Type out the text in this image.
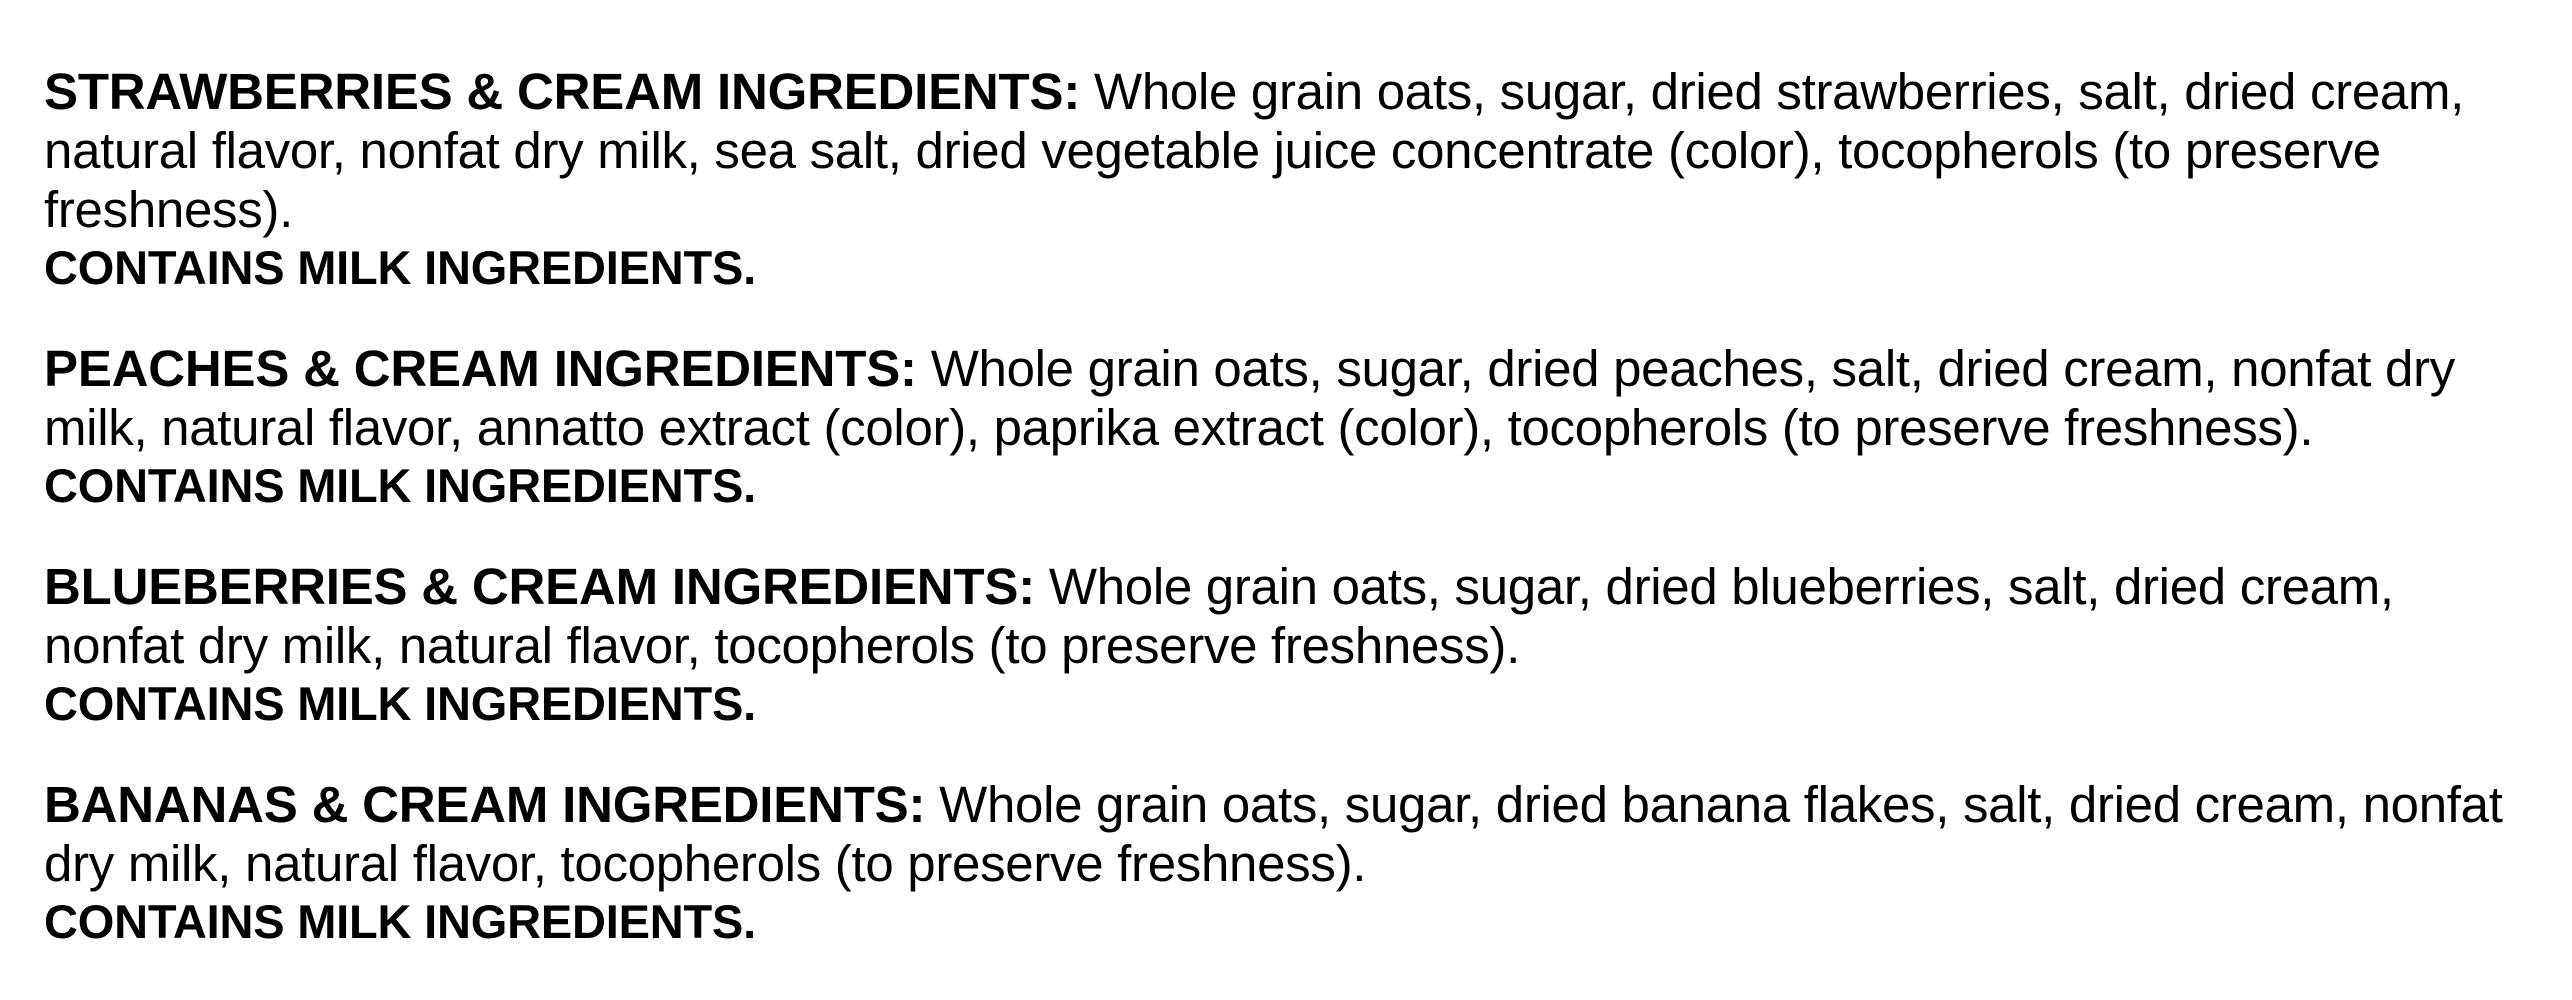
STRAWBERRIES & CREAM INGREDIENTS: Whole grain oats, sugar, dried strawberries, salt, dried cream, natural flavor, nonfat dry milk, sea salt, dried vegetable juice concentrate (color), tocopherols (to preserve freshness).

CONTAINS MILK INGREDIENTS.

PEACHES & CREAM INGREDIENTS: Whole grain oats, sugar, dried peaches, salt, dried cream, nonfat dry milk, natural flavor, annatto extract (color), paprika extract (color), tocopherols (to preserve freshness).

CONTAINS MILK INGREDIENTS.

BLUEBERRIES & CREAM INGREDIENTS: Whole grain oats, sugar, dried blueberries, salt, dried cream, nonfat dry milk, natural flavor, tocopherols (to preserve freshness).

CONTAINS MILK INGREDIENTS.

BANANAS & CREAM INGREDIENTS: Whole grain oats, sugar, dried banana flakes, salt, dried cream, nonfat dry milk, natural flavor, tocopherols (to preserve freshness).

CONTAINS MILK INGREDIENTS.
